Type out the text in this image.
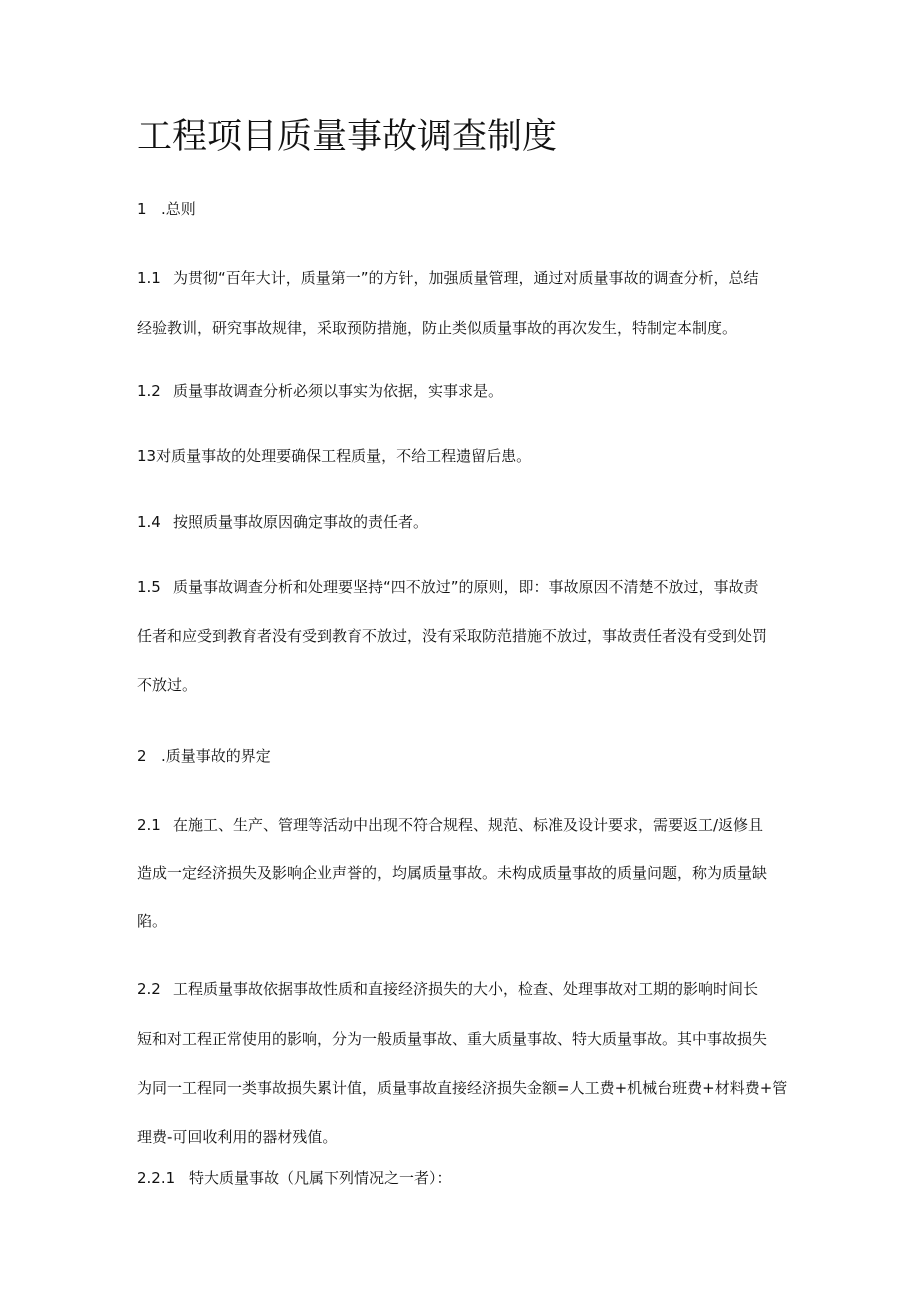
工程项目质量事故调查制度

1 .总则

1.1 为贯彻“百年大计，质量第一”的方针，加强质量管理，通过对质量事故的调查分析，总结

经验教训，研究事故规律，采取预防措施，防止类似质量事故的再次发生，特制定本制度。

1.2 质量事故调查分析必须以事实为依据，实事求是。

13对质量事故的处理要确保工程质量，不给工程遗留后患。

1.4 按照质量事故原因确定事故的责任者。

1.5 质量事故调查分析和处理要坚持“四不放过”的原则，即：事故原因不清楚不放过，事故责

任者和应受到教育者没有受到教育不放过，没有采取防范措施不放过，事故责任者没有受到处罚

不放过。

2 .质量事故的界定

2.1 在施工、生产、管理等活动中出现不符合规程、规范、标准及设计要求，需要返工/返修且

造成一定经济损失及影响企业声誉的，均属质量事故。未构成质量事故的质量问题，称为质量缺

陷。

2.2 工程质量事故依据事故性质和直接经济损失的大小，检查、处理事故对工期的影响时间长

短和对工程正常使用的影响，分为一般质量事故、重大质量事故、特大质量事故。其中事故损失

为同一工程同一类事故损失累计值，质量事故直接经济损失金额=人工费+机械台班费+材料费+管

理费-可回收利用的器材残值。

2.2.1 特大质量事故（凡属下列情况之一者）：
